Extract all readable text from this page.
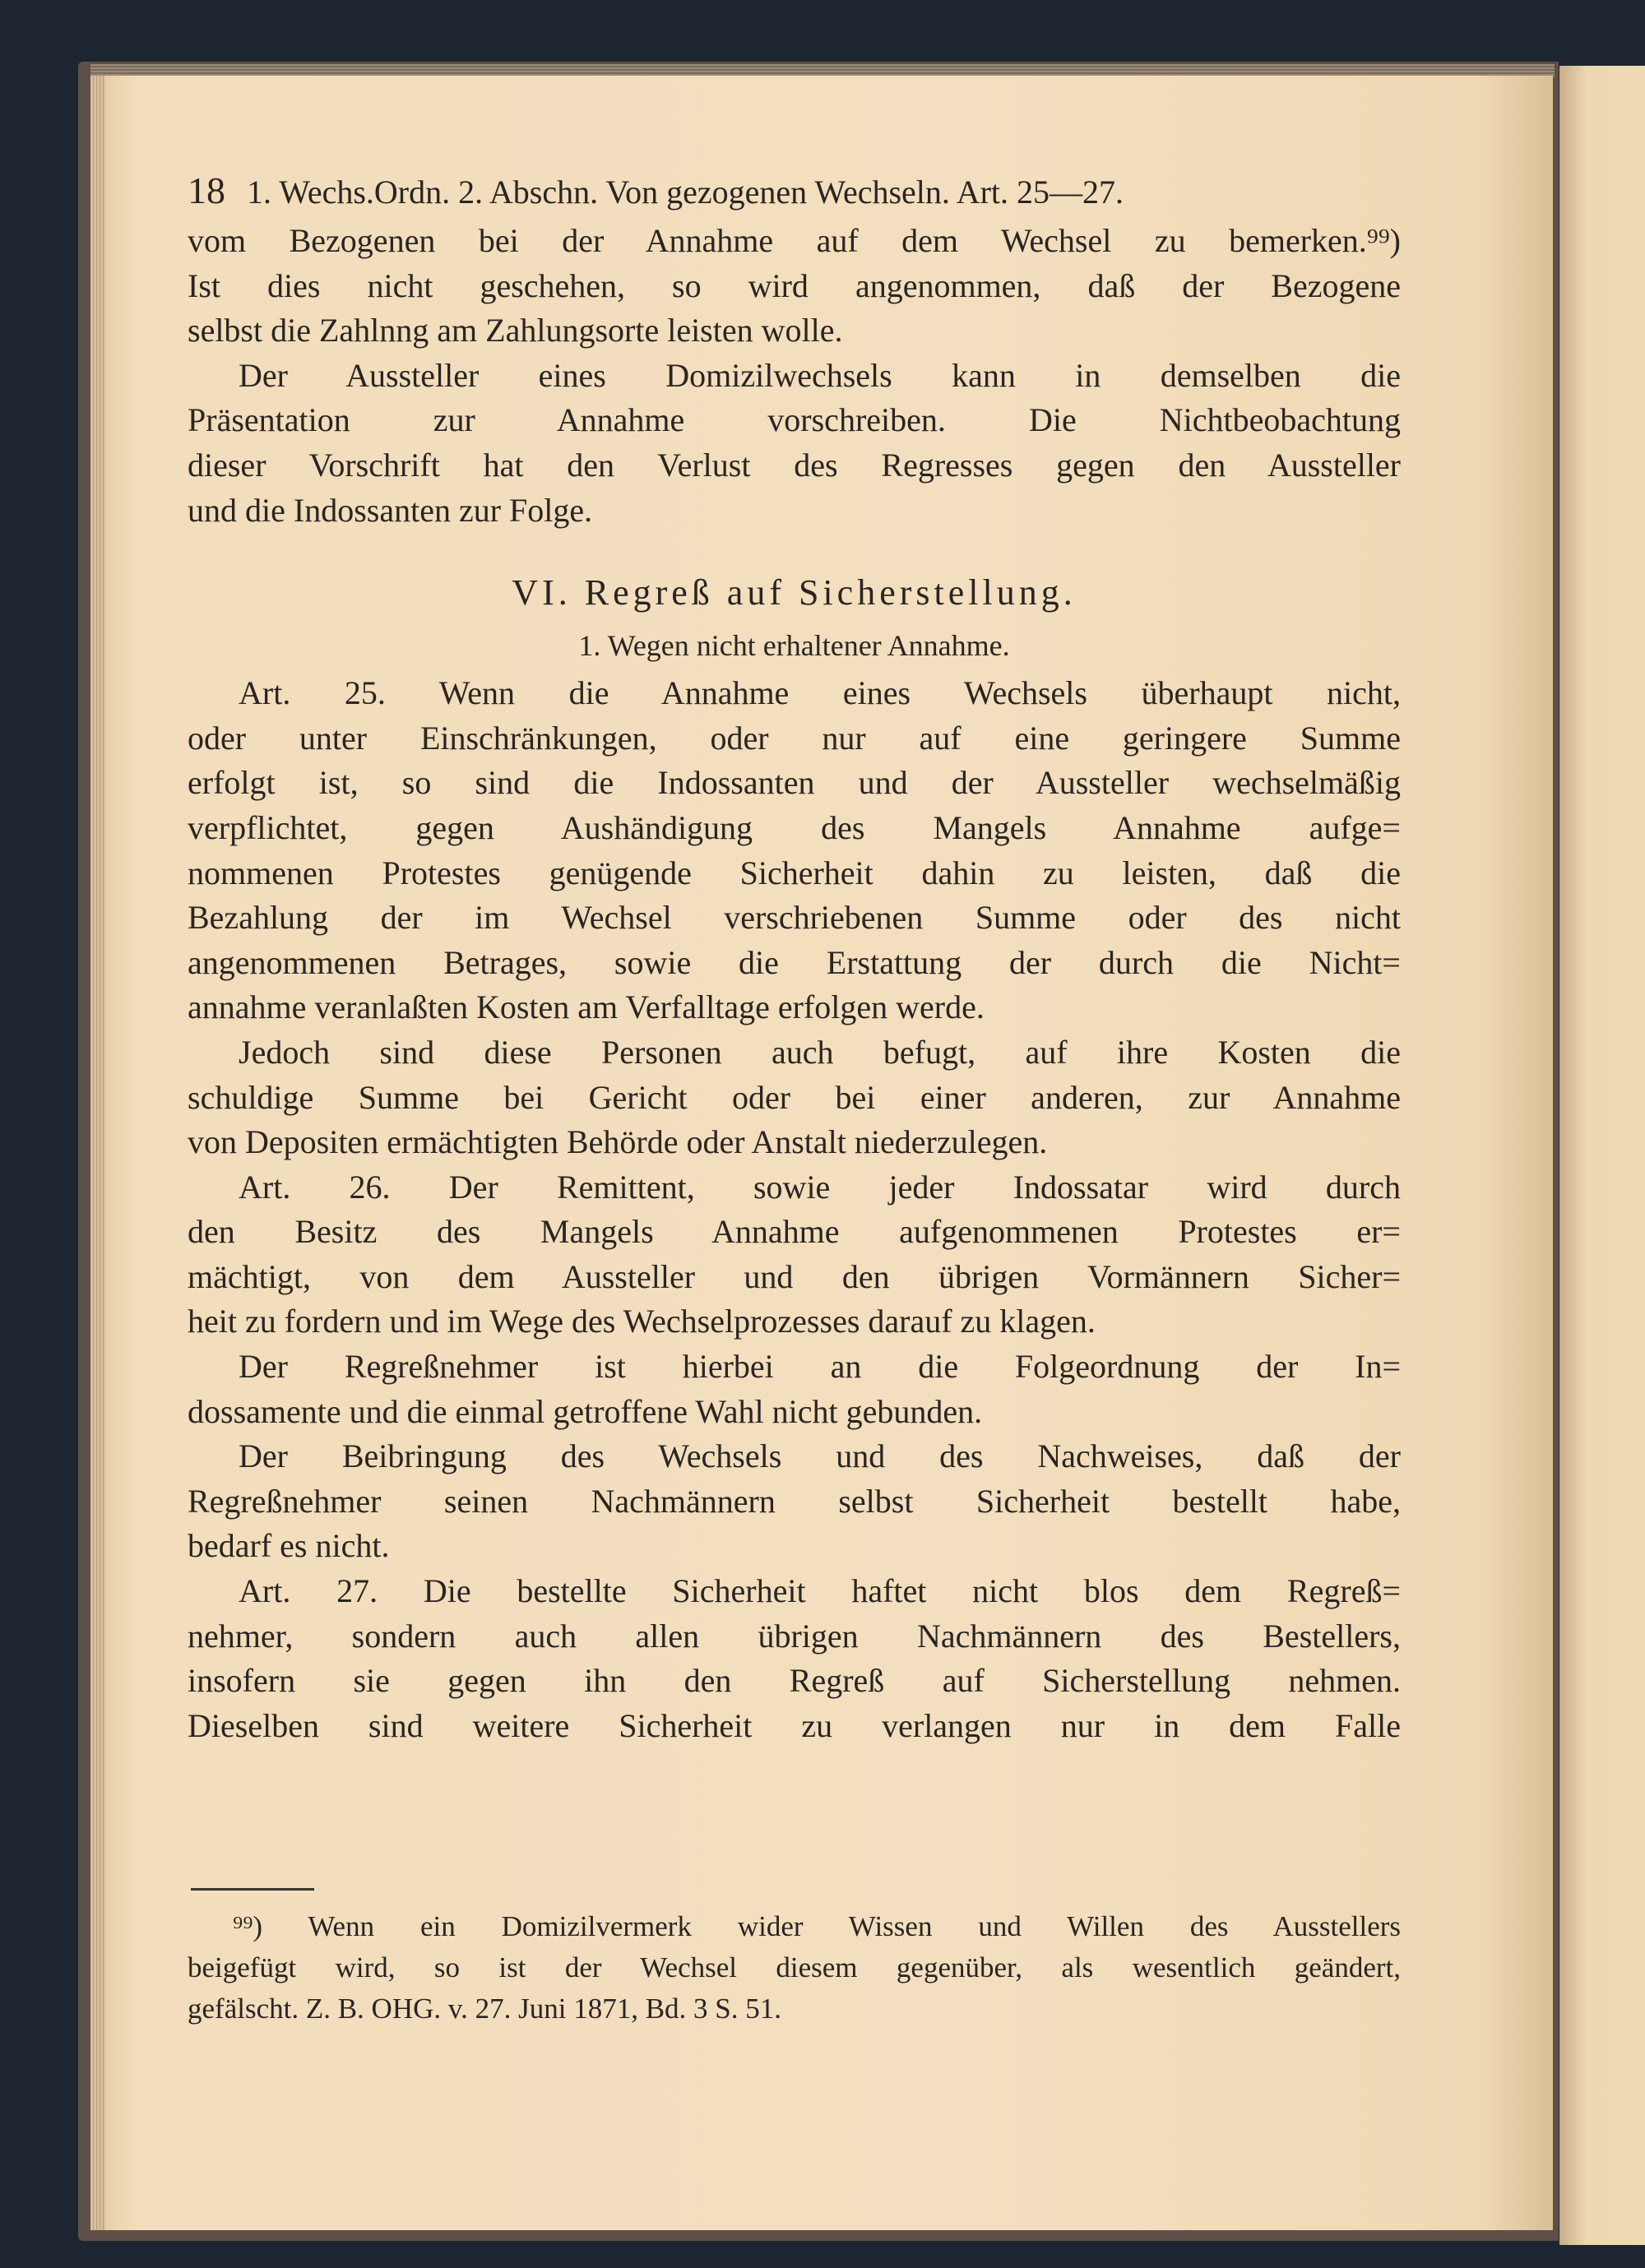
18 1. Wechs.Ordn. 2. Abschn. Von gezogenen Wechseln. Art. 25—27.
vom Bezogenen bei der Annahme auf dem Wechsel zu bemerken.⁹⁹)
Ist dies nicht geschehen, so wird angenommen, daß der Bezogene
selbst die Zahlnng am Zahlungsorte leisten wolle.
Der Aussteller eines Domizilwechsels kann in demselben die
Präsentation zur Annahme vorschreiben. Die Nichtbeobachtung
dieser Vorschrift hat den Verlust des Regresses gegen den Aussteller
und die Indossanten zur Folge.
VI. Regreß auf Sicherstellung.
1. Wegen nicht erhaltener Annahme.
Art. 25. Wenn die Annahme eines Wechsels überhaupt nicht,
oder unter Einschränkungen, oder nur auf eine geringere Summe
erfolgt ist, so sind die Indossanten und der Aussteller wechselmäßig
verpflichtet, gegen Aushändigung des Mangels Annahme aufge=
nommenen Protestes genügende Sicherheit dahin zu leisten, daß die
Bezahlung der im Wechsel verschriebenen Summe oder des nicht
angenommenen Betrages, sowie die Erstattung der durch die Nicht=
annahme veranlaßten Kosten am Verfalltage erfolgen werde.
Jedoch sind diese Personen auch befugt, auf ihre Kosten die
schuldige Summe bei Gericht oder bei einer anderen, zur Annahme
von Depositen ermächtigten Behörde oder Anstalt niederzulegen.
Art. 26. Der Remittent, sowie jeder Indossatar wird durch
den Besitz des Mangels Annahme aufgenommenen Protestes er=
mächtigt, von dem Aussteller und den übrigen Vormännern Sicher=
heit zu fordern und im Wege des Wechselprozesses darauf zu klagen.
Der Regreßnehmer ist hierbei an die Folgeordnung der In=
dossamente und die einmal getroffene Wahl nicht gebunden.
Der Beibringung des Wechsels und des Nachweises, daß der
Regreßnehmer seinen Nachmännern selbst Sicherheit bestellt habe,
bedarf es nicht.
Art. 27. Die bestellte Sicherheit haftet nicht blos dem Regreß=
nehmer, sondern auch allen übrigen Nachmännern des Bestellers,
insofern sie gegen ihn den Regreß auf Sicherstellung nehmen.
Dieselben sind weitere Sicherheit zu verlangen nur in dem Falle
⁹⁹) Wenn ein Domizilvermerk wider Wissen und Willen des Ausstellers
beigefügt wird, so ist der Wechsel diesem gegenüber, als wesentlich geändert,
gefälscht. Z. B. OHG. v. 27. Juni 1871, Bd. 3 S. 51.
